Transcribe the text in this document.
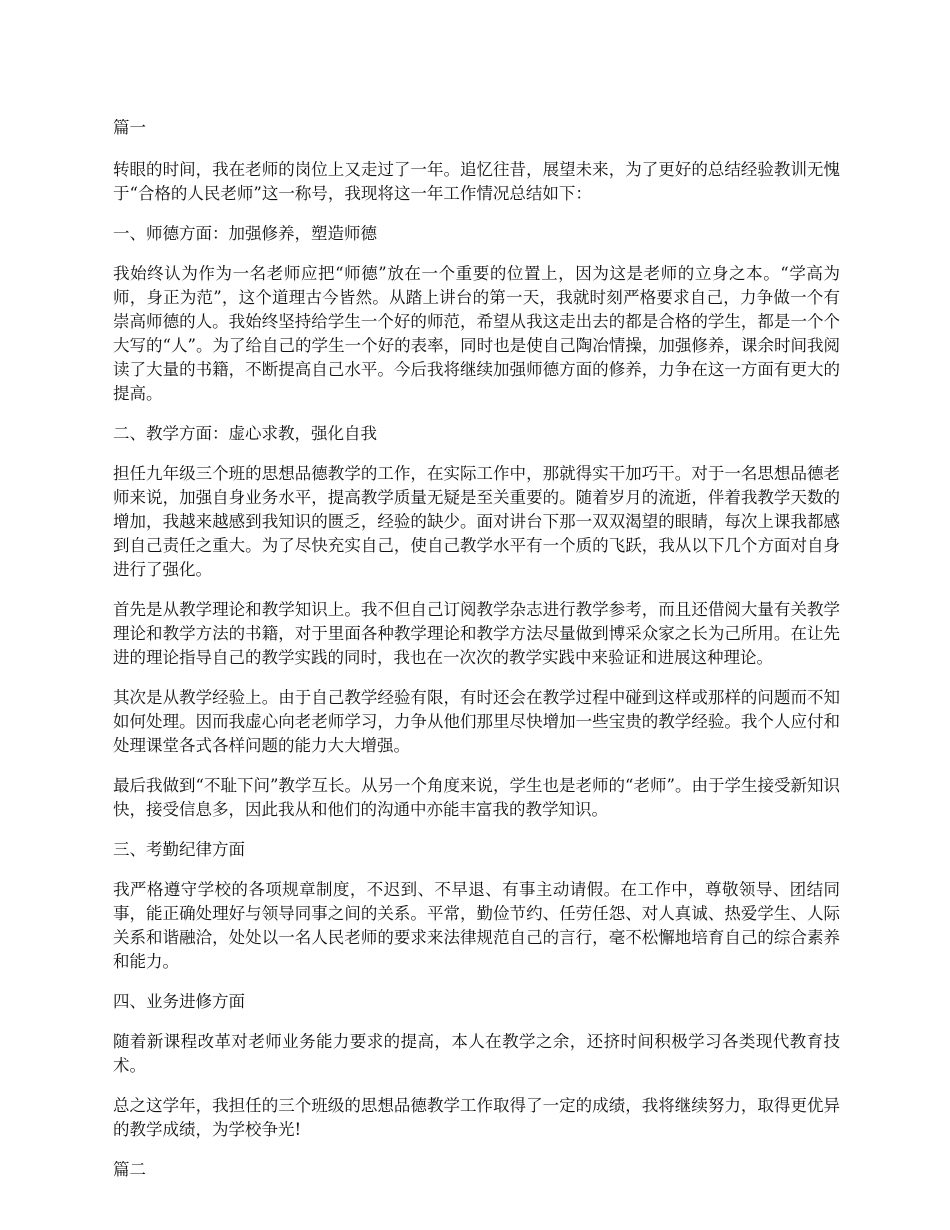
篇一

转眼的时间，我在老师的岗位上又走过了一年。追忆往昔，展望未来，为了更好的总结经验教训无愧于“合格的人民老师”这一称号，我现将这一年工作情况总结如下：

一、师德方面：加强修养，塑造师德

我始终认为作为一名老师应把“师德”放在一个重要的位置上，因为这是老师的立身之本。“学高为师，身正为范”，这个道理古今皆然。从踏上讲台的第一天，我就时刻严格要求自己，力争做一个有崇高师德的人。我始终坚持给学生一个好的师范，希望从我这走出去的都是合格的学生，都是一个个大写的“人”。为了给自己的学生一个好的表率，同时也是使自己陶冶情操，加强修养，课余时间我阅读了大量的书籍，不断提高自己水平。今后我将继续加强师德方面的修养，力争在这一方面有更大的提高。

二、教学方面：虚心求教，强化自我

担任九年级三个班的思想品德教学的工作，在实际工作中，那就得实干加巧干。对于一名思想品德老师来说，加强自身业务水平，提高教学质量无疑是至关重要的。随着岁月的流逝，伴着我教学天数的增加，我越来越感到我知识的匮乏，经验的缺少。面对讲台下那一双双渴望的眼睛，每次上课我都感到自己责任之重大。为了尽快充实自己，使自己教学水平有一个质的飞跃，我从以下几个方面对自身进行了强化。

首先是从教学理论和教学知识上。我不但自己订阅教学杂志进行教学参考，而且还借阅大量有关教学理论和教学方法的书籍，对于里面各种教学理论和教学方法尽量做到博采众家之长为己所用。在让先进的理论指导自己的教学实践的同时，我也在一次次的教学实践中来验证和进展这种理论。

其次是从教学经验上。由于自己教学经验有限，有时还会在教学过程中碰到这样或那样的问题而不知如何处理。因而我虚心向老老师学习，力争从他们那里尽快增加一些宝贵的教学经验。我个人应付和处理课堂各式各样问题的能力大大增强。

最后我做到“不耻下问”教学互长。从另一个角度来说，学生也是老师的“老师”。由于学生接受新知识快，接受信息多，因此我从和他们的沟通中亦能丰富我的教学知识。

三、考勤纪律方面

我严格遵守学校的各项规章制度，不迟到、不早退、有事主动请假。在工作中，尊敬领导、团结同事，能正确处理好与领导同事之间的关系。平常，勤俭节约、任劳任怨、对人真诚、热爱学生、人际关系和谐融洽，处处以一名人民老师的要求来法律规范自己的言行，毫不松懈地培育自己的综合素养和能力。

四、业务进修方面

随着新课程改革对老师业务能力要求的提高，本人在教学之余，还挤时间积极学习各类现代教育技术。

总之这学年，我担任的三个班级的思想品德教学工作取得了一定的成绩，我将继续努力，取得更优异的教学成绩，为学校争光!

篇二
